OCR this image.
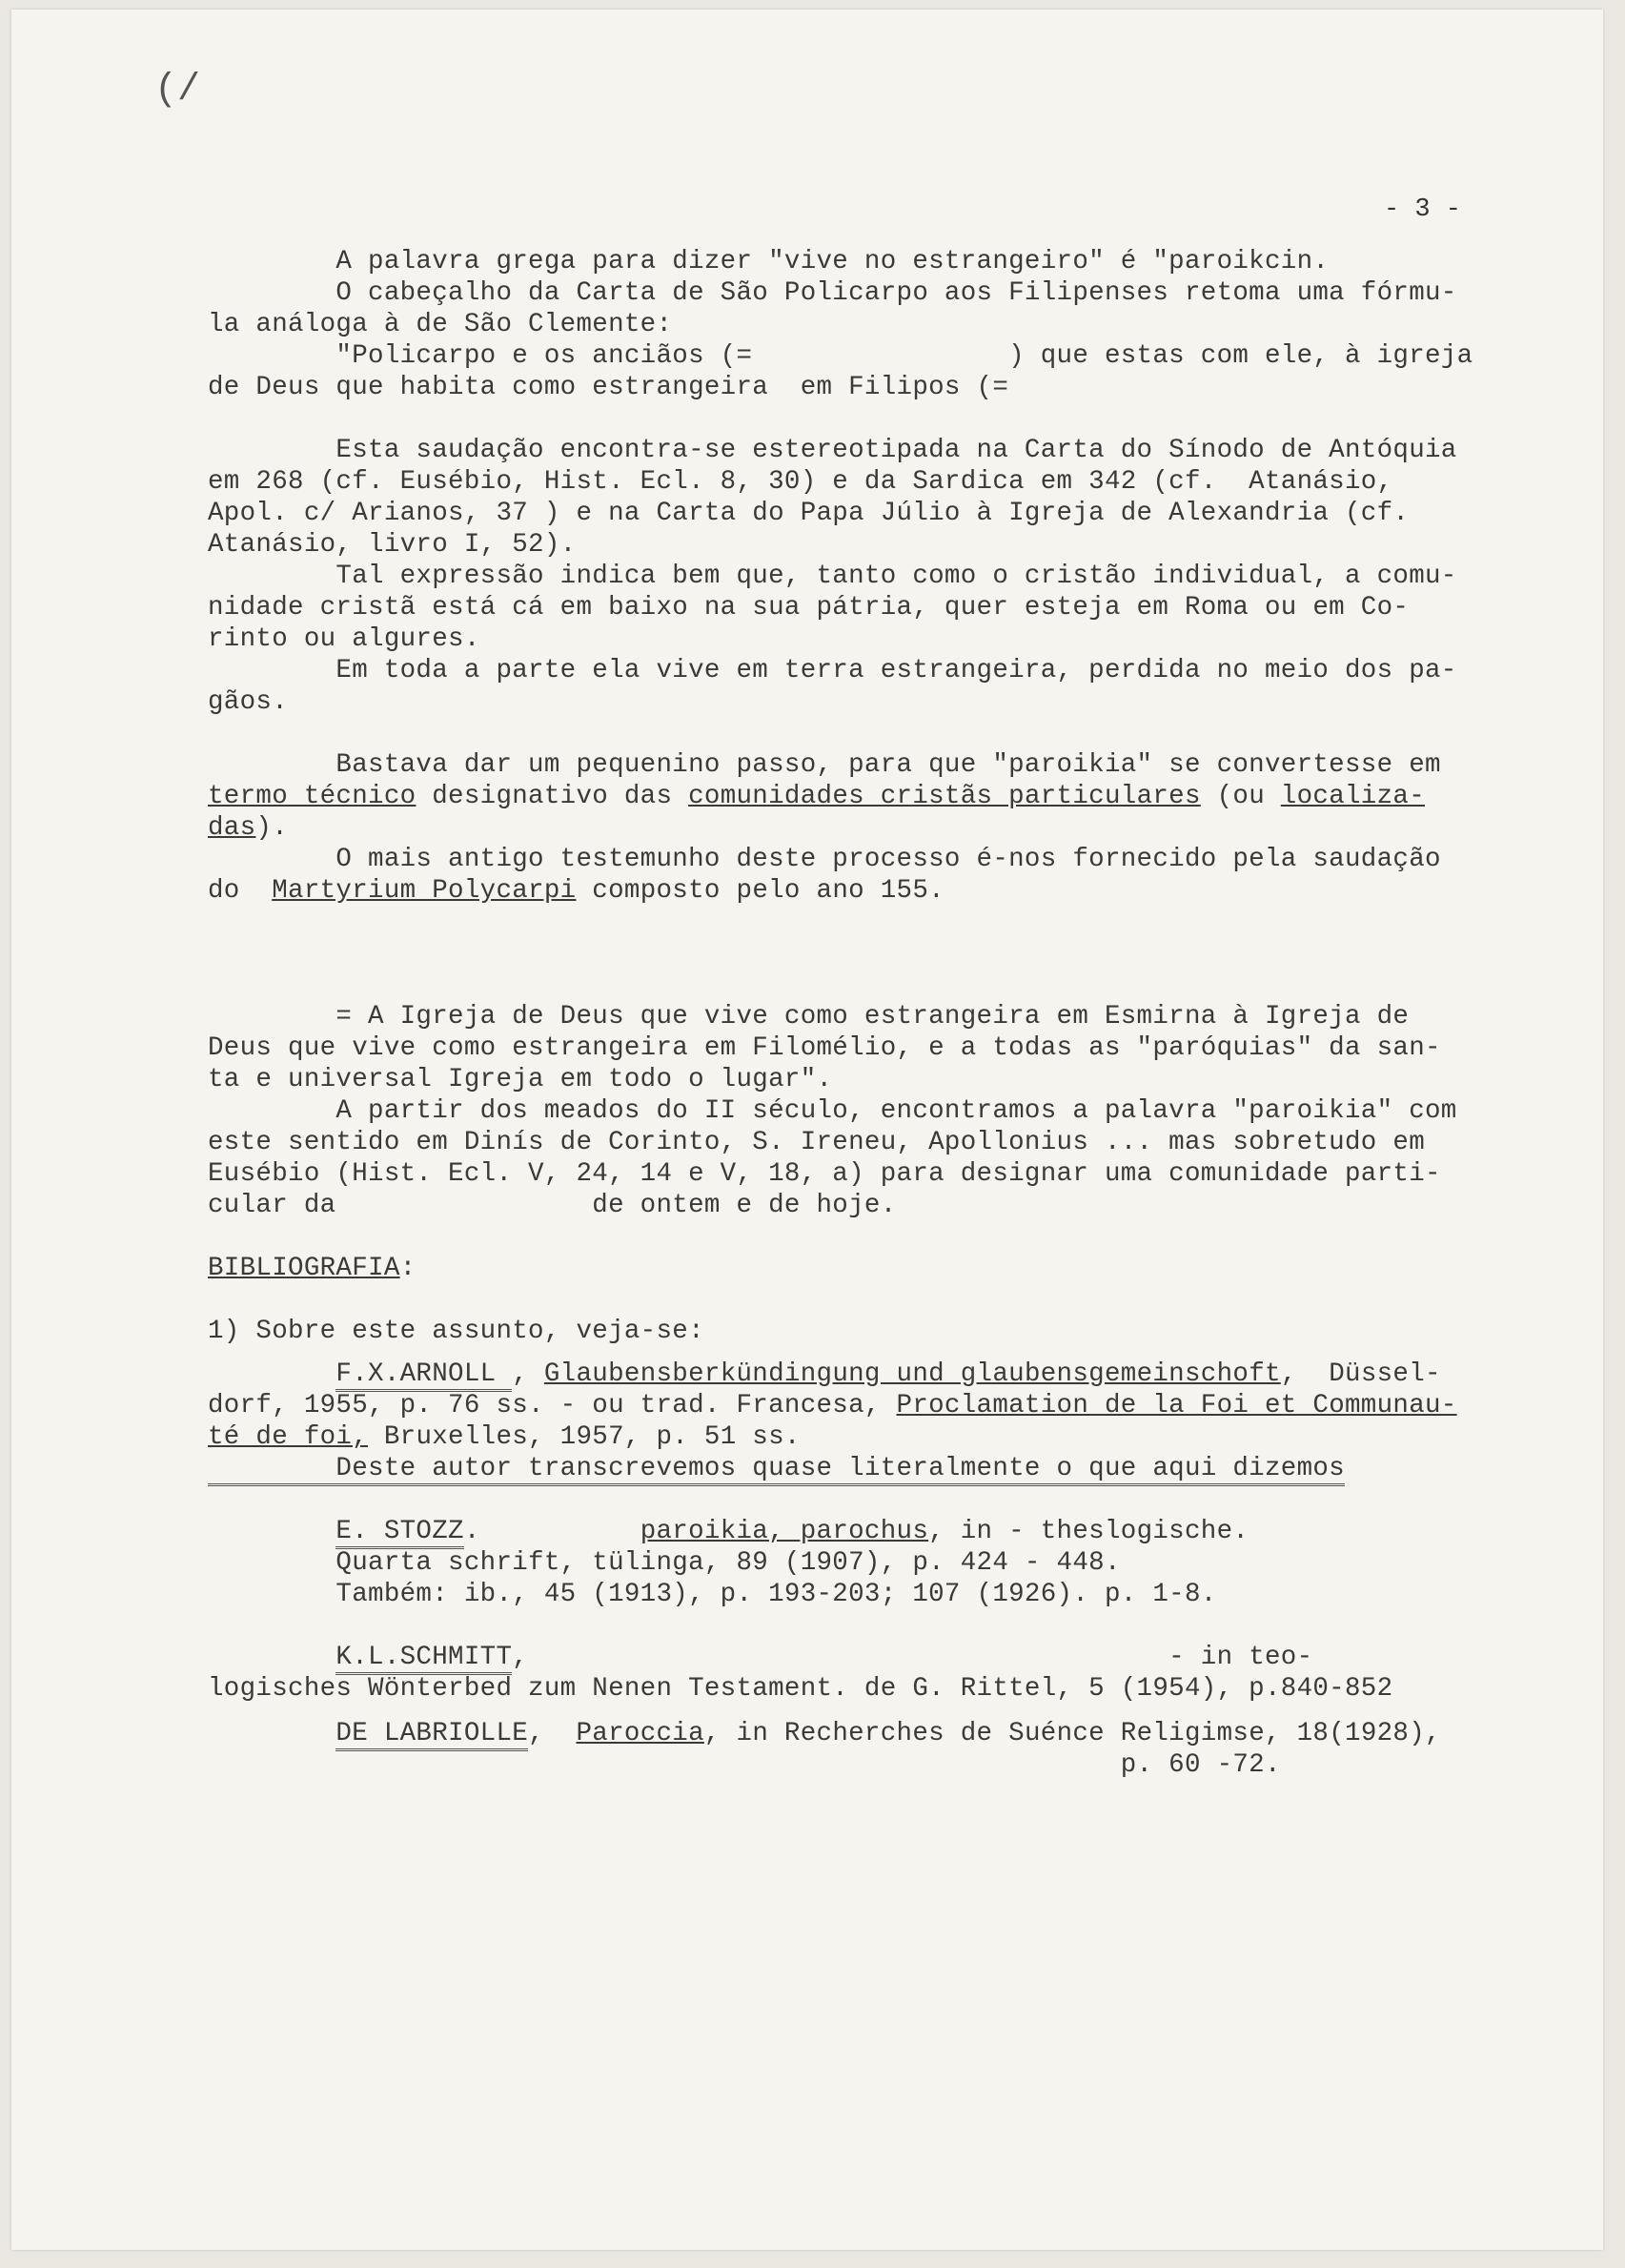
(/
- 3 -

A palavra grega para dizer "vive no estrangeiro" é "paroikcin.

O cabeçalho da Carta de São Policarpo aos Filipenses retoma uma fórmu-

la análoga à de São Clemente:

"Policarpo e os anciãos (=                ) que estas com ele, à igreja

de Deus que habita como estrangeira  em Filipos (=

Esta saudação encontra-se estereotipada na Carta do Sínodo de Antóquia

em 268 (cf. Eusébio, Hist. Ecl. 8, 30) e da Sardica em 342 (cf.  Atanásio,

Apol. c/ Arianos, 37 ) e na Carta do Papa Júlio à Igreja de Alexandria (cf.

Atanásio, livro I, 52).

Tal expressão indica bem que, tanto como o cristão individual, a comu-

nidade cristã está cá em baixo na sua pátria, quer esteja em Roma ou em Co-

rinto ou algures.

Em toda a parte ela vive em terra estrangeira, perdida no meio dos pa-

gãos.

Bastava dar um pequenino passo, para que "paroikia" se convertesse em

termo técnico designativo das comunidades cristãs particulares (ou localiza-

das).

O mais antigo testemunho deste processo é-nos fornecido pela saudação

do  Martyrium Polycarpi composto pelo ano 155.

= A Igreja de Deus que vive como estrangeira em Esmirna à Igreja de

Deus que vive como estrangeira em Filomélio, e a todas as "paróquias" da san-

ta e universal Igreja em todo o lugar".

A partir dos meados do II século, encontramos a palavra "paroikia" com

este sentido em Dinís de Corinto, S. Ireneu, Apollonius ... mas sobretudo em

Eusébio (Hist. Ecl. V, 24, 14 e V, 18, a) para designar uma comunidade parti-

cular da                de ontem e de hoje.

BIBLIOGRAFIA:

1) Sobre este assunto, veja-se:

F.X.ARNOLL , Glaubensberkündingung und glaubensgemeinschoft,  Düssel-

dorf, 1955, p. 76 ss. - ou trad. Francesa, Proclamation de la Foi et Communau-

té de foi, Bruxelles, 1957, p. 51 ss.

Deste autor transcrevemos quase literalmente o que aqui dizemos

E. STOZZ.          paroikia, parochus, in - theslogische.

Quarta schrift, tülinga, 89 (1907), p. 424 - 448.

Também: ib., 45 (1913), p. 193-203; 107 (1926). p. 1-8.

K.L.SCHMITT,                                        - in teo-

logisches Wönterbed zum Nenen Testament. de G. Rittel, 5 (1954), p.840-852

DE LABRIOLLE,  Paroccia, in Recherches de Suénce Religimse, 18(1928),

p. 60 -72.
